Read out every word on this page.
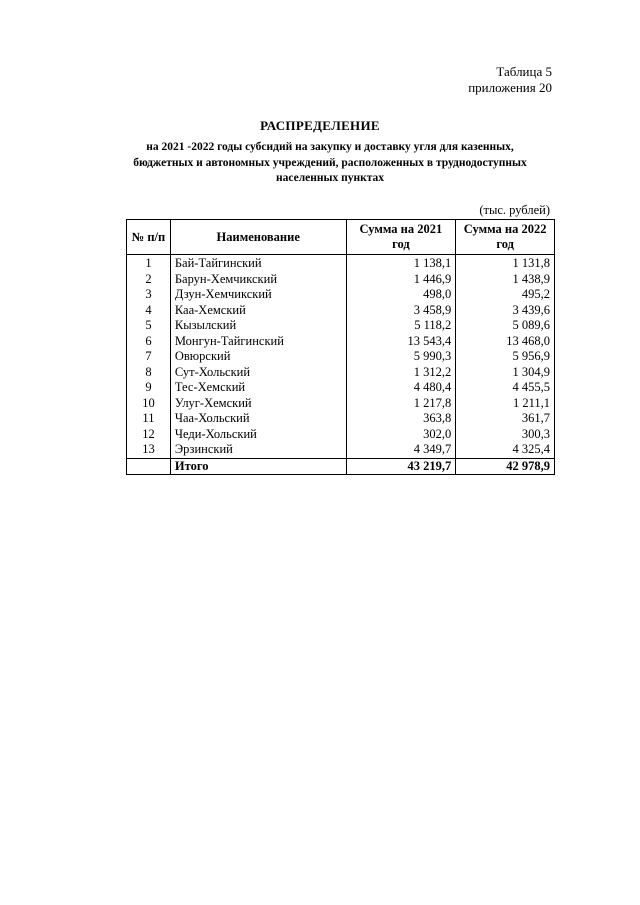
Таблица 5
приложения 20
РАСПРЕДЕЛЕНИЕ
на 2021 -2022 годы субсидий на закупку и доставку угля для казенных, бюджетных и автономных учреждений, расположенных в труднодоступных населенных пунктах
(тыс. рублей)
№ п/п	Наименование	Сумма на 2021 год	Сумма на 2022 год
1	Бай-Тайгинский	1 138,1	1 131,8
2	Барун-Хемчикский	1 446,9	1 438,9
3	Дзун-Хемчикский	498,0	495,2
4	Каа-Хемский	3 458,9	3 439,6
5	Кызылский	5 118,2	5 089,6
6	Монгун-Тайгинский	13 543,4	13 468,0
7	Овюрский	5 990,3	5 956,9
8	Сут-Хольский	1 312,2	1 304,9
9	Тес-Хемский	4 480,4	4 455,5
10	Улуг-Хемский	1 217,8	1 211,1
11	Чаа-Хольский	363,8	361,7
12	Чеди-Хольский	302,0	300,3
13	Эрзинский	4 349,7	4 325,4
	Итого	43 219,7	42 978,9
